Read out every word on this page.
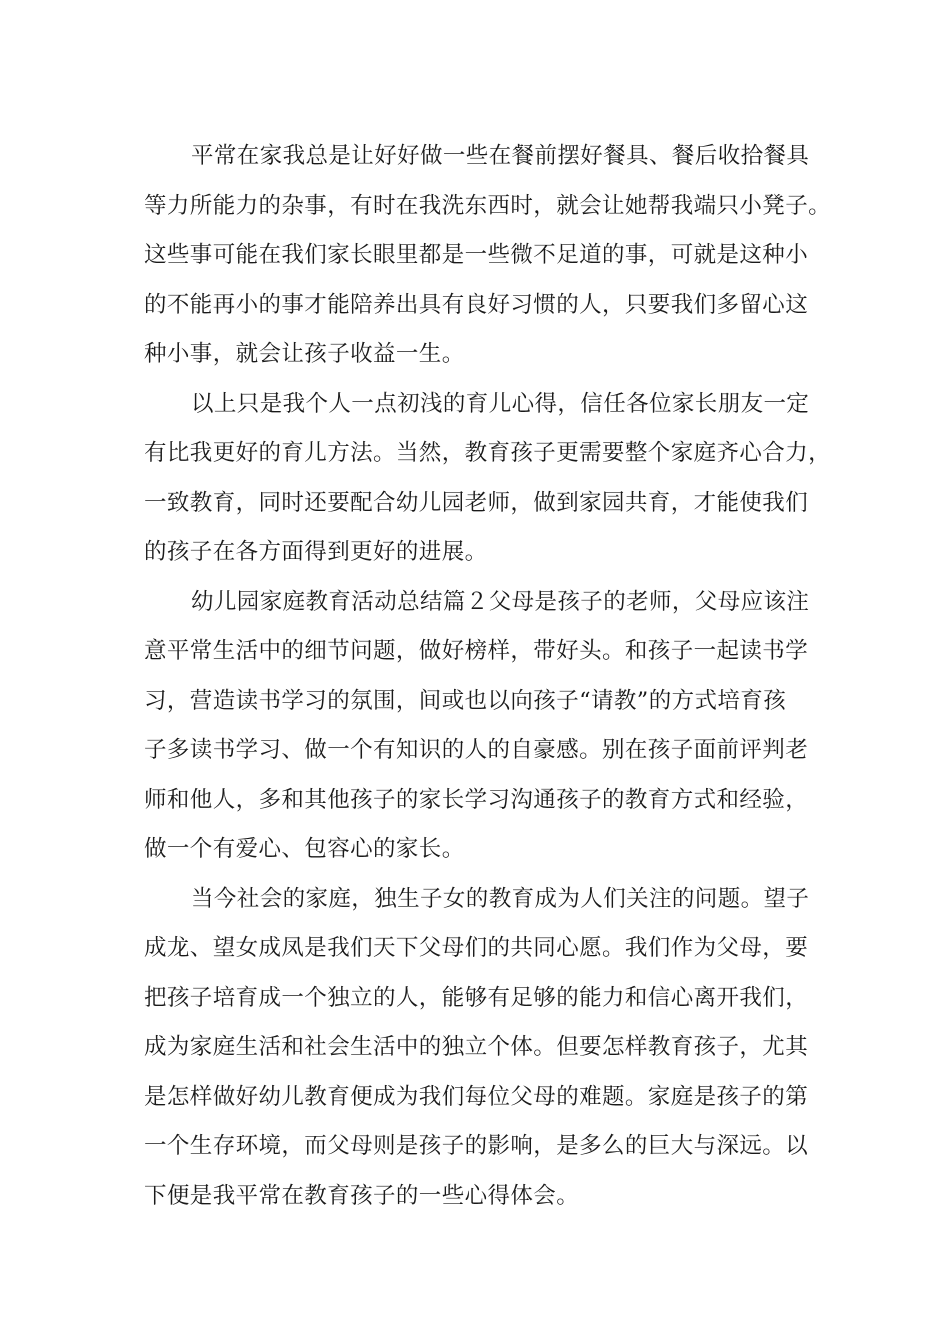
平常在家我总是让好好做一些在餐前摆好餐具、餐后收拾餐具
等力所能力的杂事，有时在我洗东西时，就会让她帮我端只小凳子。
这些事可能在我们家长眼里都是一些微不足道的事，可就是这种小
的不能再小的事才能陪养出具有良好习惯的人，只要我们多留心这
种小事，就会让孩子收益一生。
以上只是我个人一点初浅的育儿心得，信任各位家长朋友一定
有比我更好的育儿方法。当然，教育孩子更需要整个家庭齐心合力，
一致教育，同时还要配合幼儿园老师，做到家园共育，才能使我们
的孩子在各方面得到更好的进展。
幼儿园家庭教育活动总结篇２父母是孩子的老师，父母应该注
意平常生活中的细节问题，做好榜样，带好头。和孩子一起读书学
习，营造读书学习的氛围，间或也以向孩子“请教”的方式培育孩
子多读书学习、做一个有知识的人的自豪感。别在孩子面前评判老
师和他人，多和其他孩子的家长学习沟通孩子的教育方式和经验，
做一个有爱心、包容心的家长。
当今社会的家庭，独生子女的教育成为人们关注的问题。望子
成龙、望女成凤是我们天下父母们的共同心愿。我们作为父母，要
把孩子培育成一个独立的人，能够有足够的能力和信心离开我们，
成为家庭生活和社会生活中的独立个体。但要怎样教育孩子，尤其
是怎样做好幼儿教育便成为我们每位父母的难题。家庭是孩子的第
一个生存环境，而父母则是孩子的影响，是多么的巨大与深远。以
下便是我平常在教育孩子的一些心得体会。
